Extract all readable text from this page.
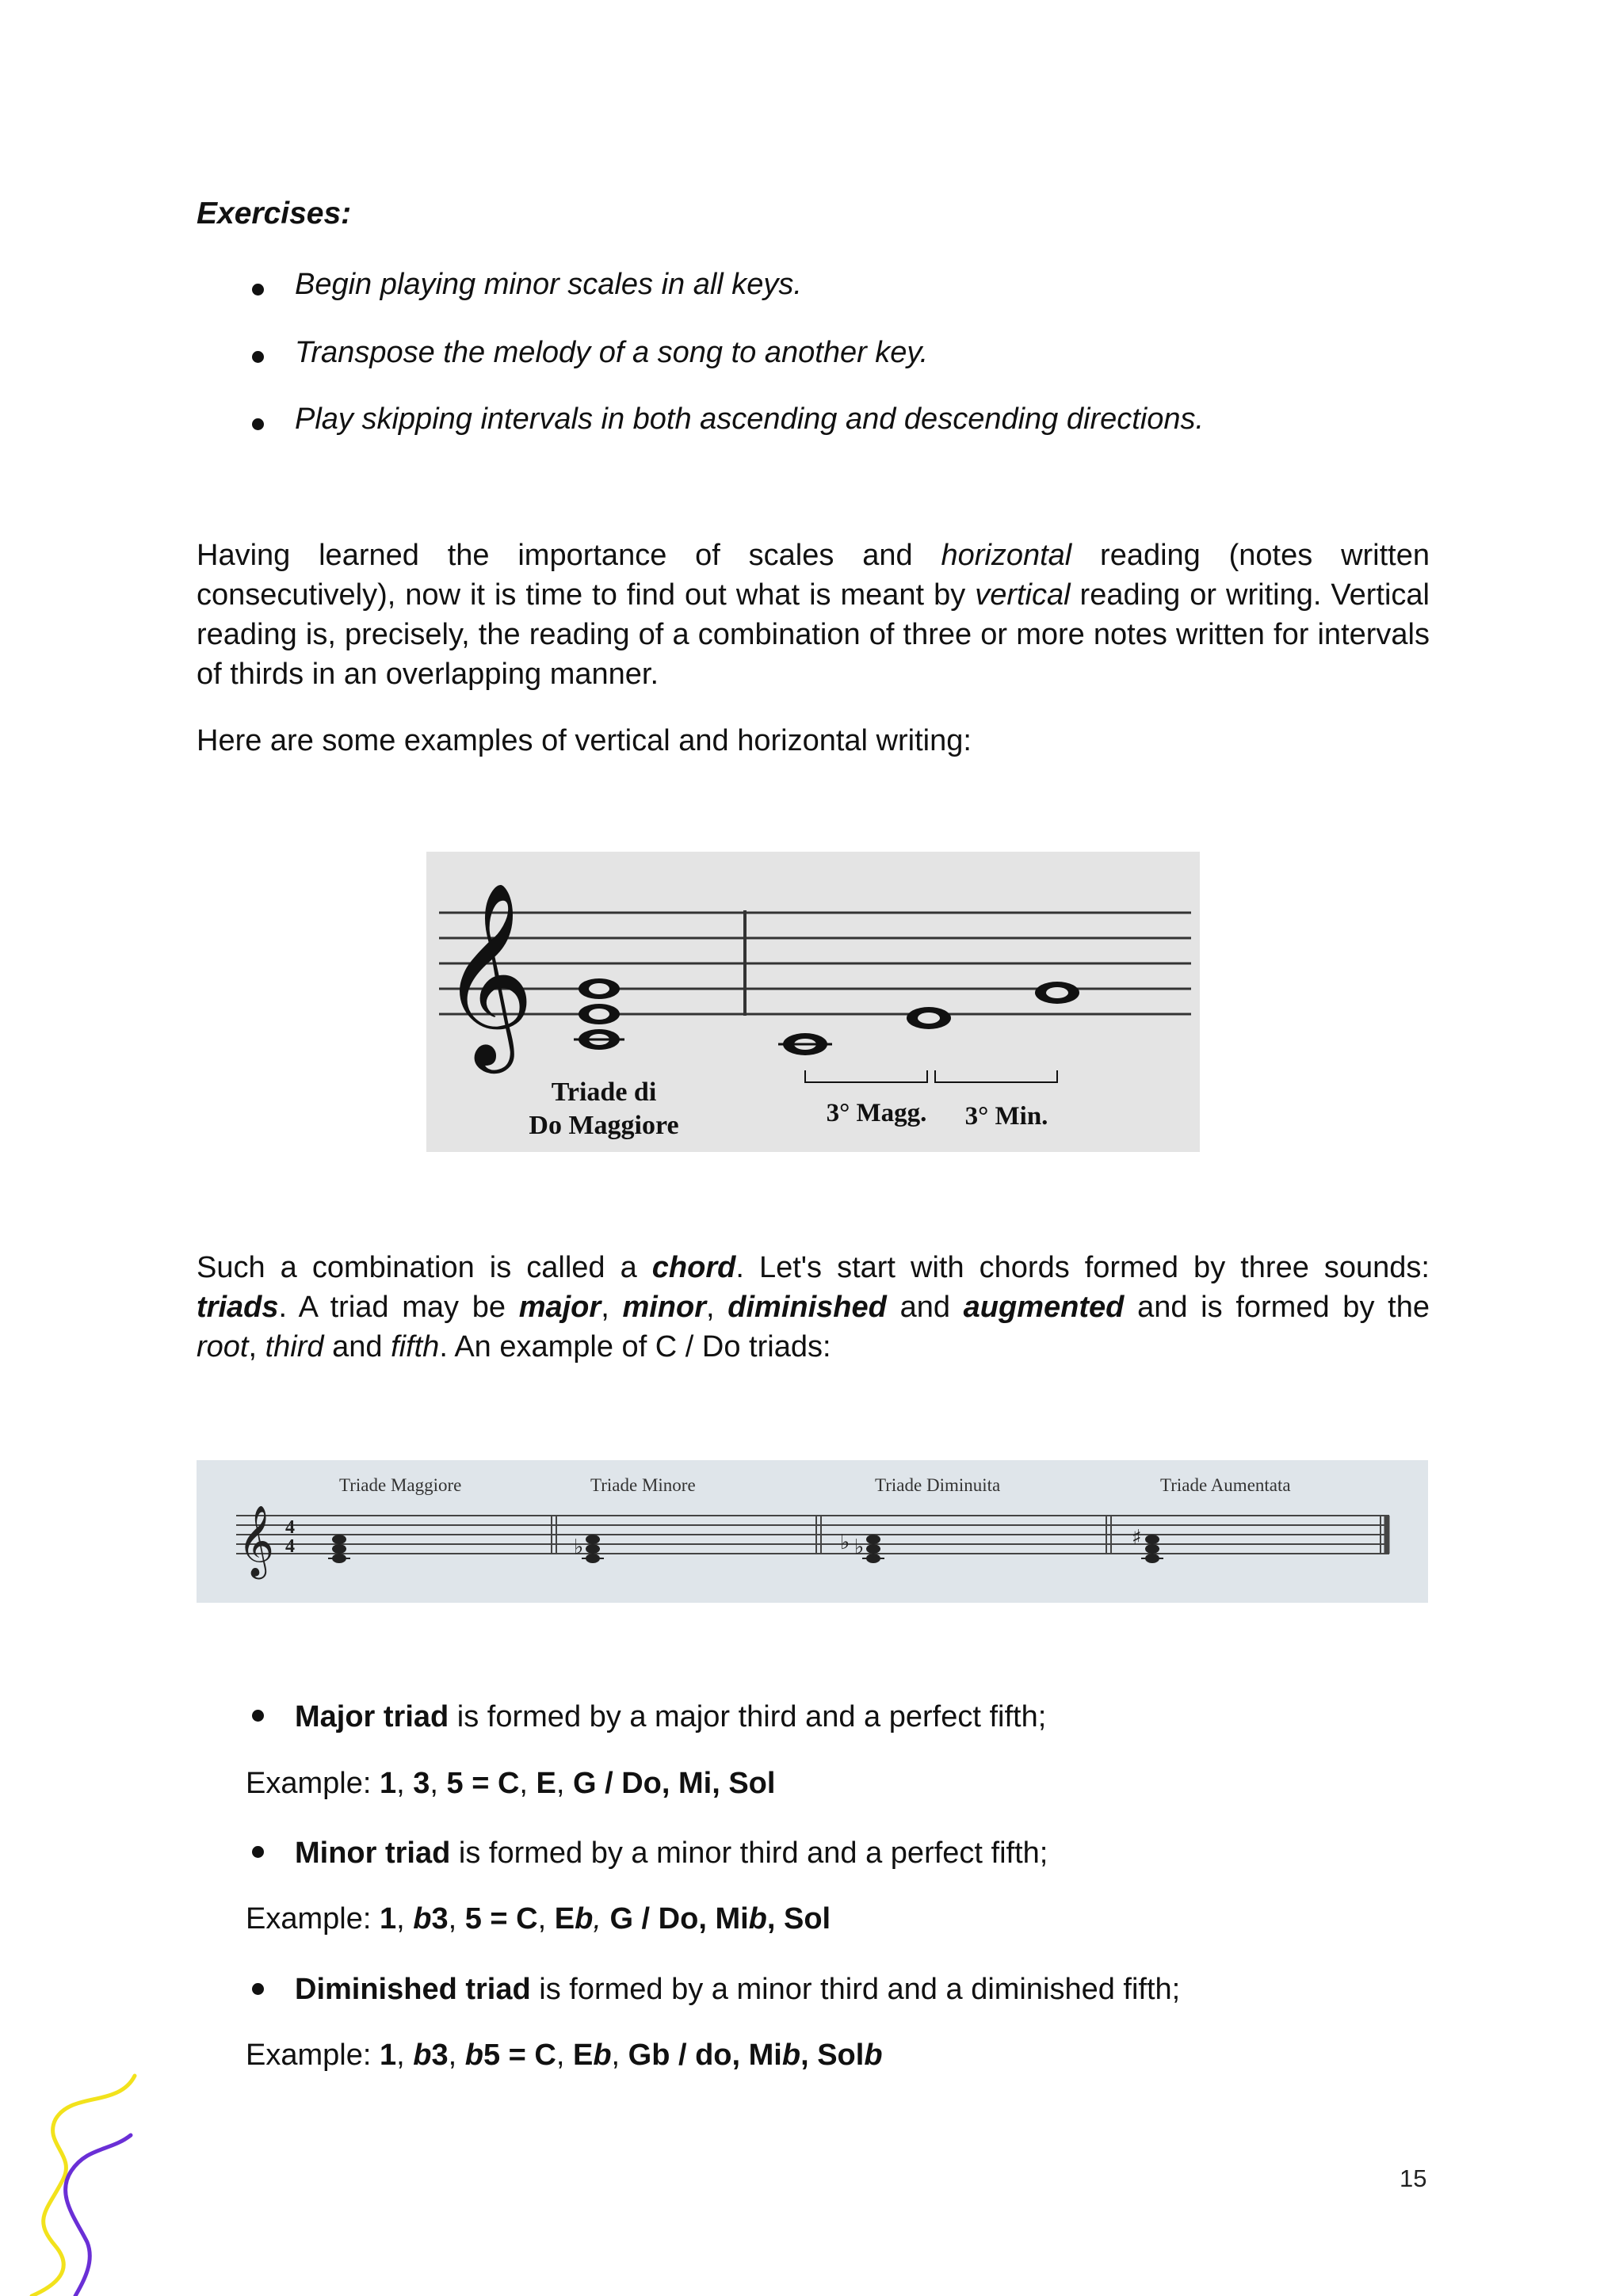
Exercises:
Begin playing minor scales in all keys.
Transpose the melody of a song to another key.
Play skipping intervals in both ascending and descending directions.
Having learned the importance of scales and horizontal reading (notes written consecutively), now it is time to find out what is meant by vertical reading or writing. Vertical reading is, precisely, the reading of a combination of three or more notes written for intervals of thirds in an overlapping manner.
Here are some examples of vertical and horizontal writing:
𝄞
Triade di
Do Maggiore	3° Magg. 3° Min.
Such a combination is called a chord. Let's start with chords formed by three sounds: triads. A triad may be major, minor, diminished and augmented and is formed by the root, third and fifth. An example of C / Do triads:
𝄞 4
4	♭	♭ ♭	♯
Triade Maggiore	Triade Minore	Triade Diminuita	Triade Aumentata
Major triad is formed by a major third and a perfect fifth;
Example: 1, 3, 5 = C, E, G / Do, Mi, Sol
Minor triad is formed by a minor third and a perfect fifth;
Example: 1, b3, 5 = C, Eb, G / Do, Mib, Sol
Diminished triad is formed by a minor third and a diminished fifth;
Example: 1, b3, b5 = C, Eb, Gb / do, Mib, Solb
15
